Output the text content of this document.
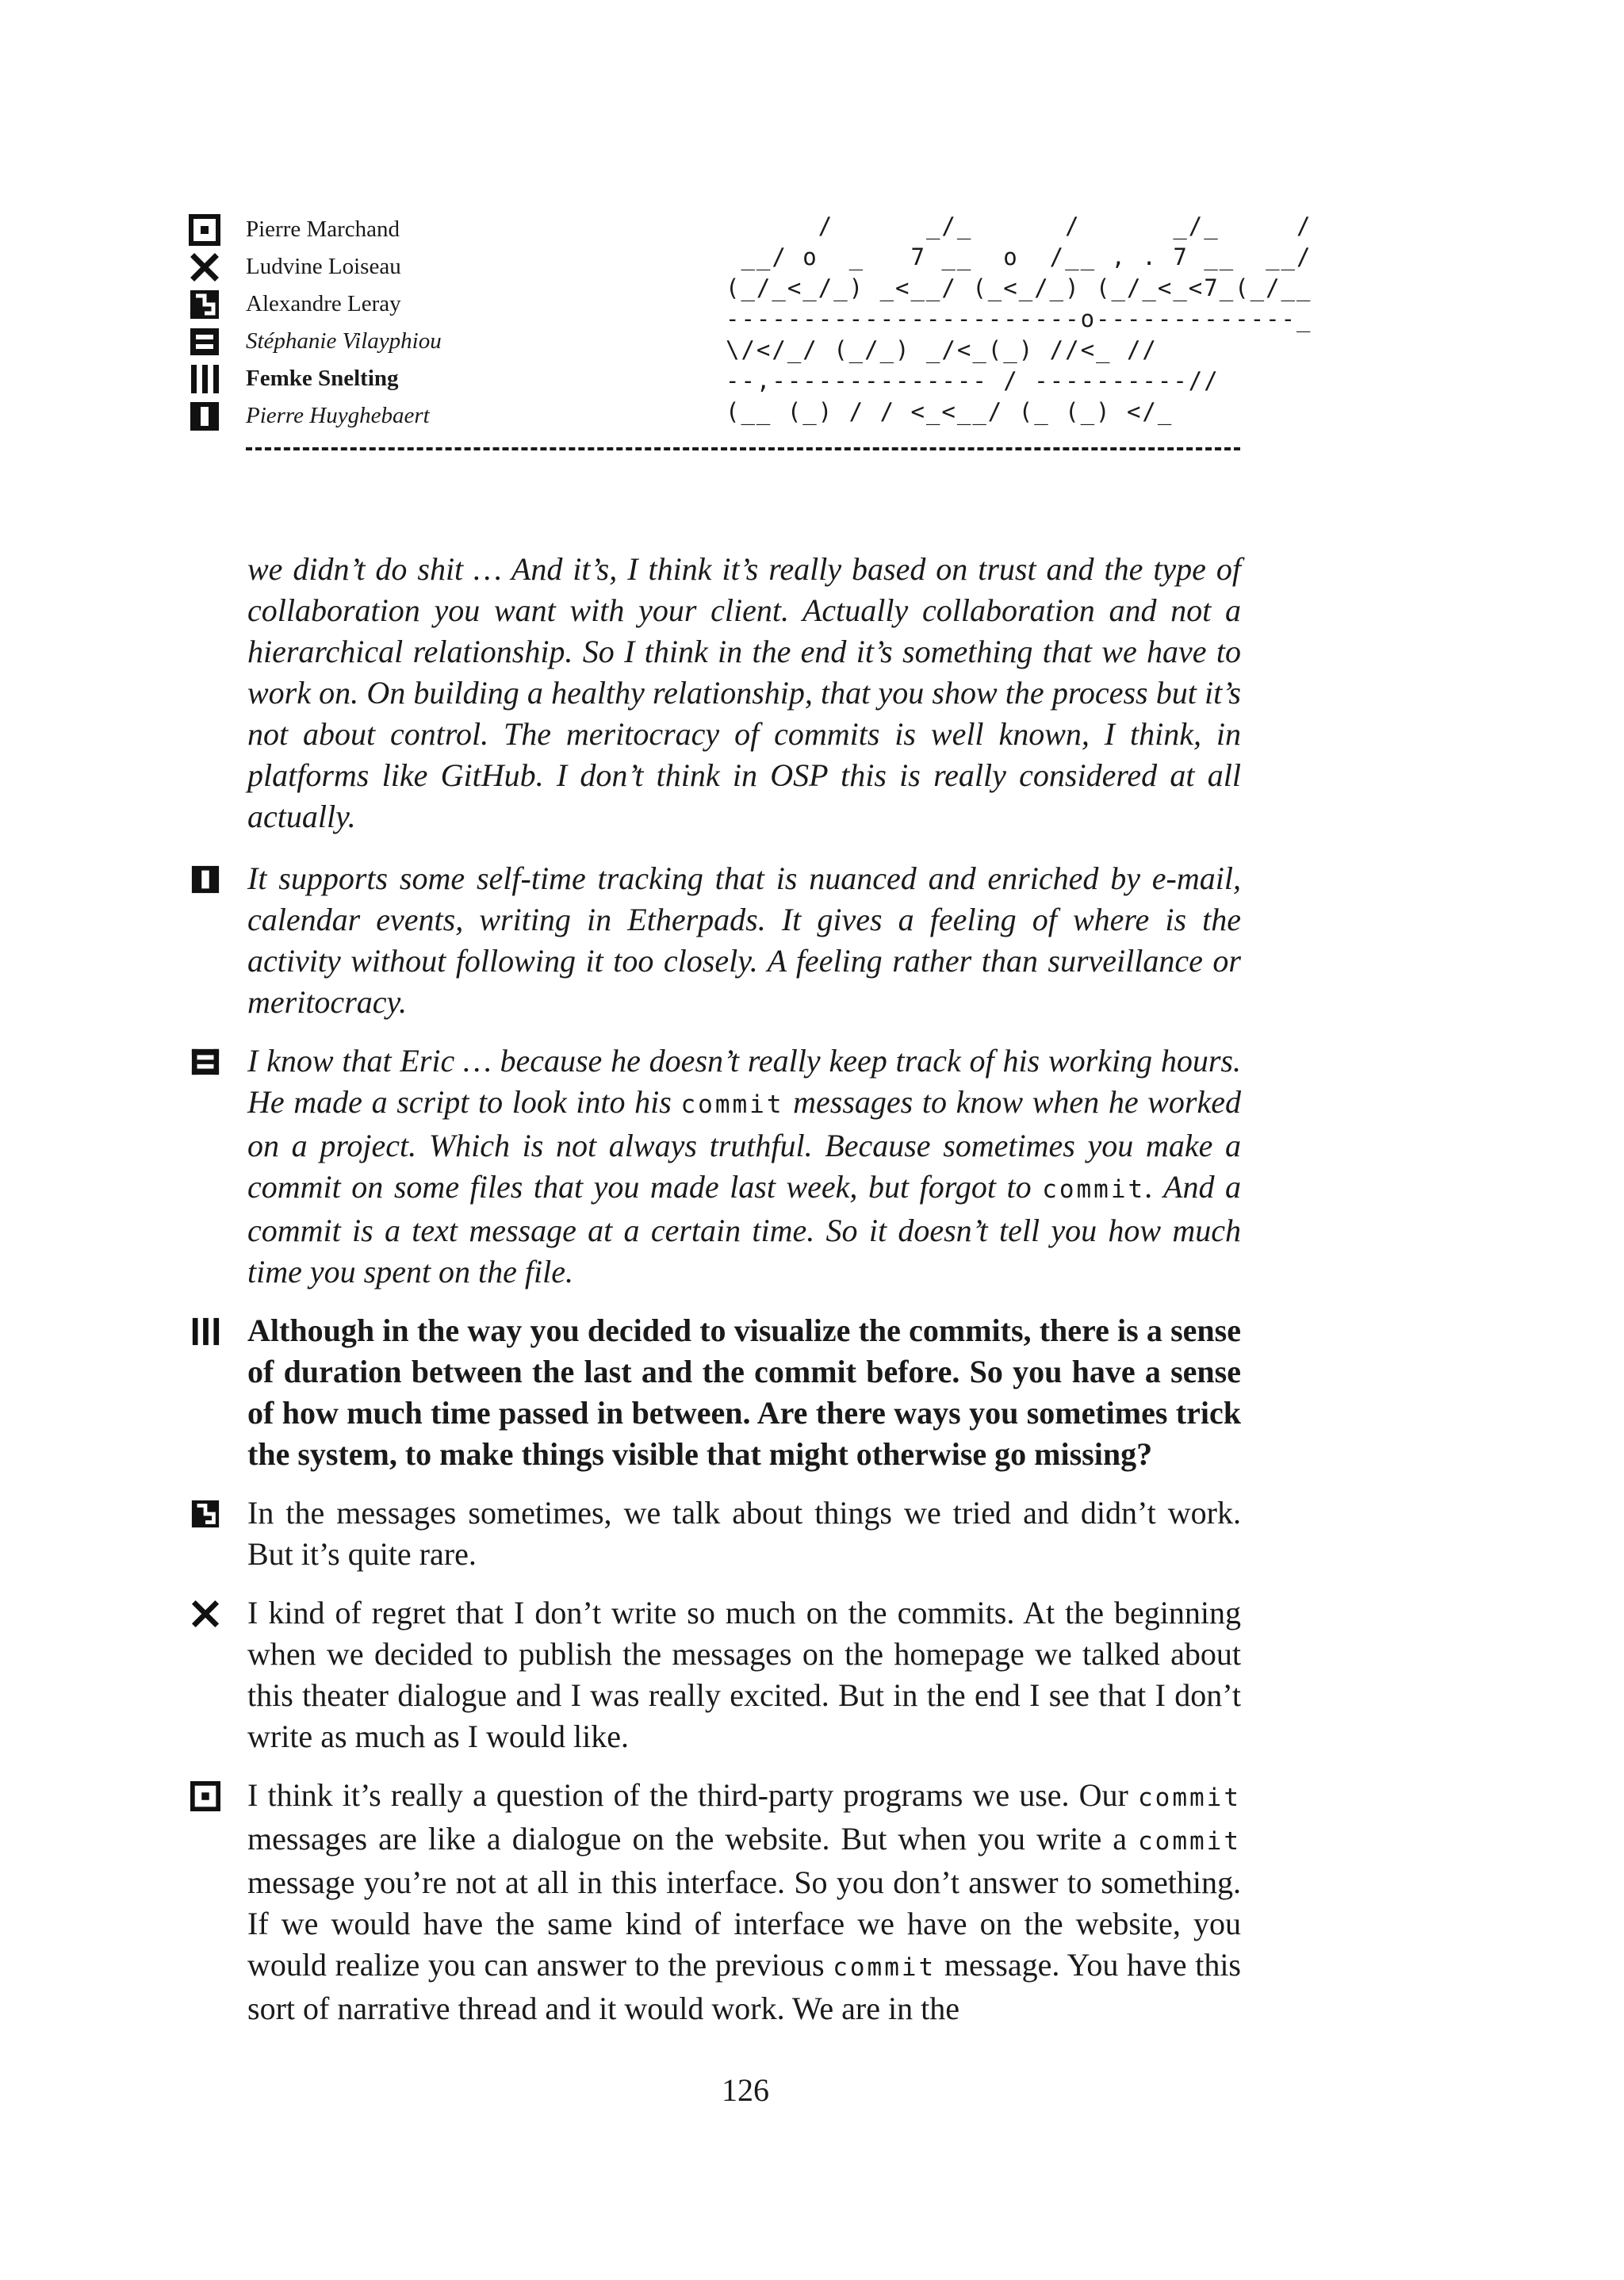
Pierre Marchand
Ludvine Loiseau
Alexandre Leray
Stéphanie Vilayphiou
Femke Snelting
Pierre Huyghebaert
/      _/_      /      _/_     /
__/ o  _   7 __  o  /__ , . 7 __  __/
(_/_<_/_) _<__/ (_<_/_) (_/_<_<7_(_/__
-----------------------o-------------_
\/</_/ (_/_) _/<_(_) //<_ //
--,-------------- / ----------//
(__ (_) / / <_<__/ (_ (_) </_

we didn’t do shit … And it’s, I think it’s really based on trust and the type of collaboration you want with your client. Actually collaboration and not a hierarchical relationship. So I think in the end it’s something that we have to work on. On building a healthy relationship, that you show the process but it’s not about control. The meritocracy of commits is well known, I think, in platforms like GitHub. I don’t think in OSP this is really considered at all actually.

It supports some self-time tracking that is nuanced and enriched by e-mail, calendar events, writing in Etherpads. It gives a feeling of where is the activity without following it too closely. A feeling rather than surveillance or meritocracy.

I know that Eric … because he doesn’t really keep track of his working hours. He made a script to look into his commit messages to know when he worked on a project. Which is not always truthful. Because sometimes you make a commit on some files that you made last week, but forgot to commit. And a commit is a text message at a certain time. So it doesn’t tell you how much time you spent on the file.

Although in the way you decided to visualize the commits, there is a sense of duration between the last and the commit before. So you have a sense of how much time passed in between. Are there ways you sometimes trick the system, to make things visible that might otherwise go missing?

In the messages sometimes, we talk about things we tried and didn’t work. But it’s quite rare.

I kind of regret that I don’t write so much on the commits. At the beginning when we decided to publish the messages on the homepage we talked about this theater dialogue and I was really excited. But in the end I see that I don’t write as much as I would like.

I think it’s really a question of the third-party programs we use. Our commit messages are like a dialogue on the website. But when you write a commit message you’re not at all in this interface. So you don’t answer to something. If we would have the same kind of interface we have on the website, you would realize you can answer to the previous commit message. You have this sort of narrative thread and it would work. We are in the

126
